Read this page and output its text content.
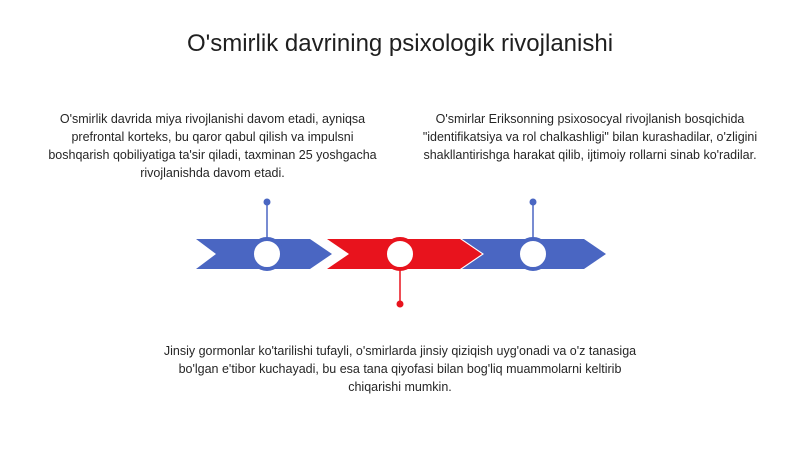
O'smirlik davrining psixologik rivojlanishi
O'smirlik davrida miya rivojlanishi davom etadi, ayniqsa prefrontal korteks, bu qaror qabul qilish va impulsni boshqarish qobiliyatiga ta'sir qiladi, taxminan 25 yoshgacha rivojlanishda davom etadi.
O'smirlar Eriksonning psixosoсyal rivojlanish bosqichida "identifikatsiya va rol chalkashligi" bilan kurashadilar, o'zligini shakllantirishga harakat qilib, ijtimoiy rollarni sinab ko'radilar.
Jinsiy gormonlar ko'tarilishi tufayli, o'smirlarda jinsiy qiziqish uyg'onadi va o'z tanasiga bo'lgan e'tibor kuchayadi, bu esa tana qiyofasi bilan bog'liq muammolarni keltirib chiqarishi mumkin.
